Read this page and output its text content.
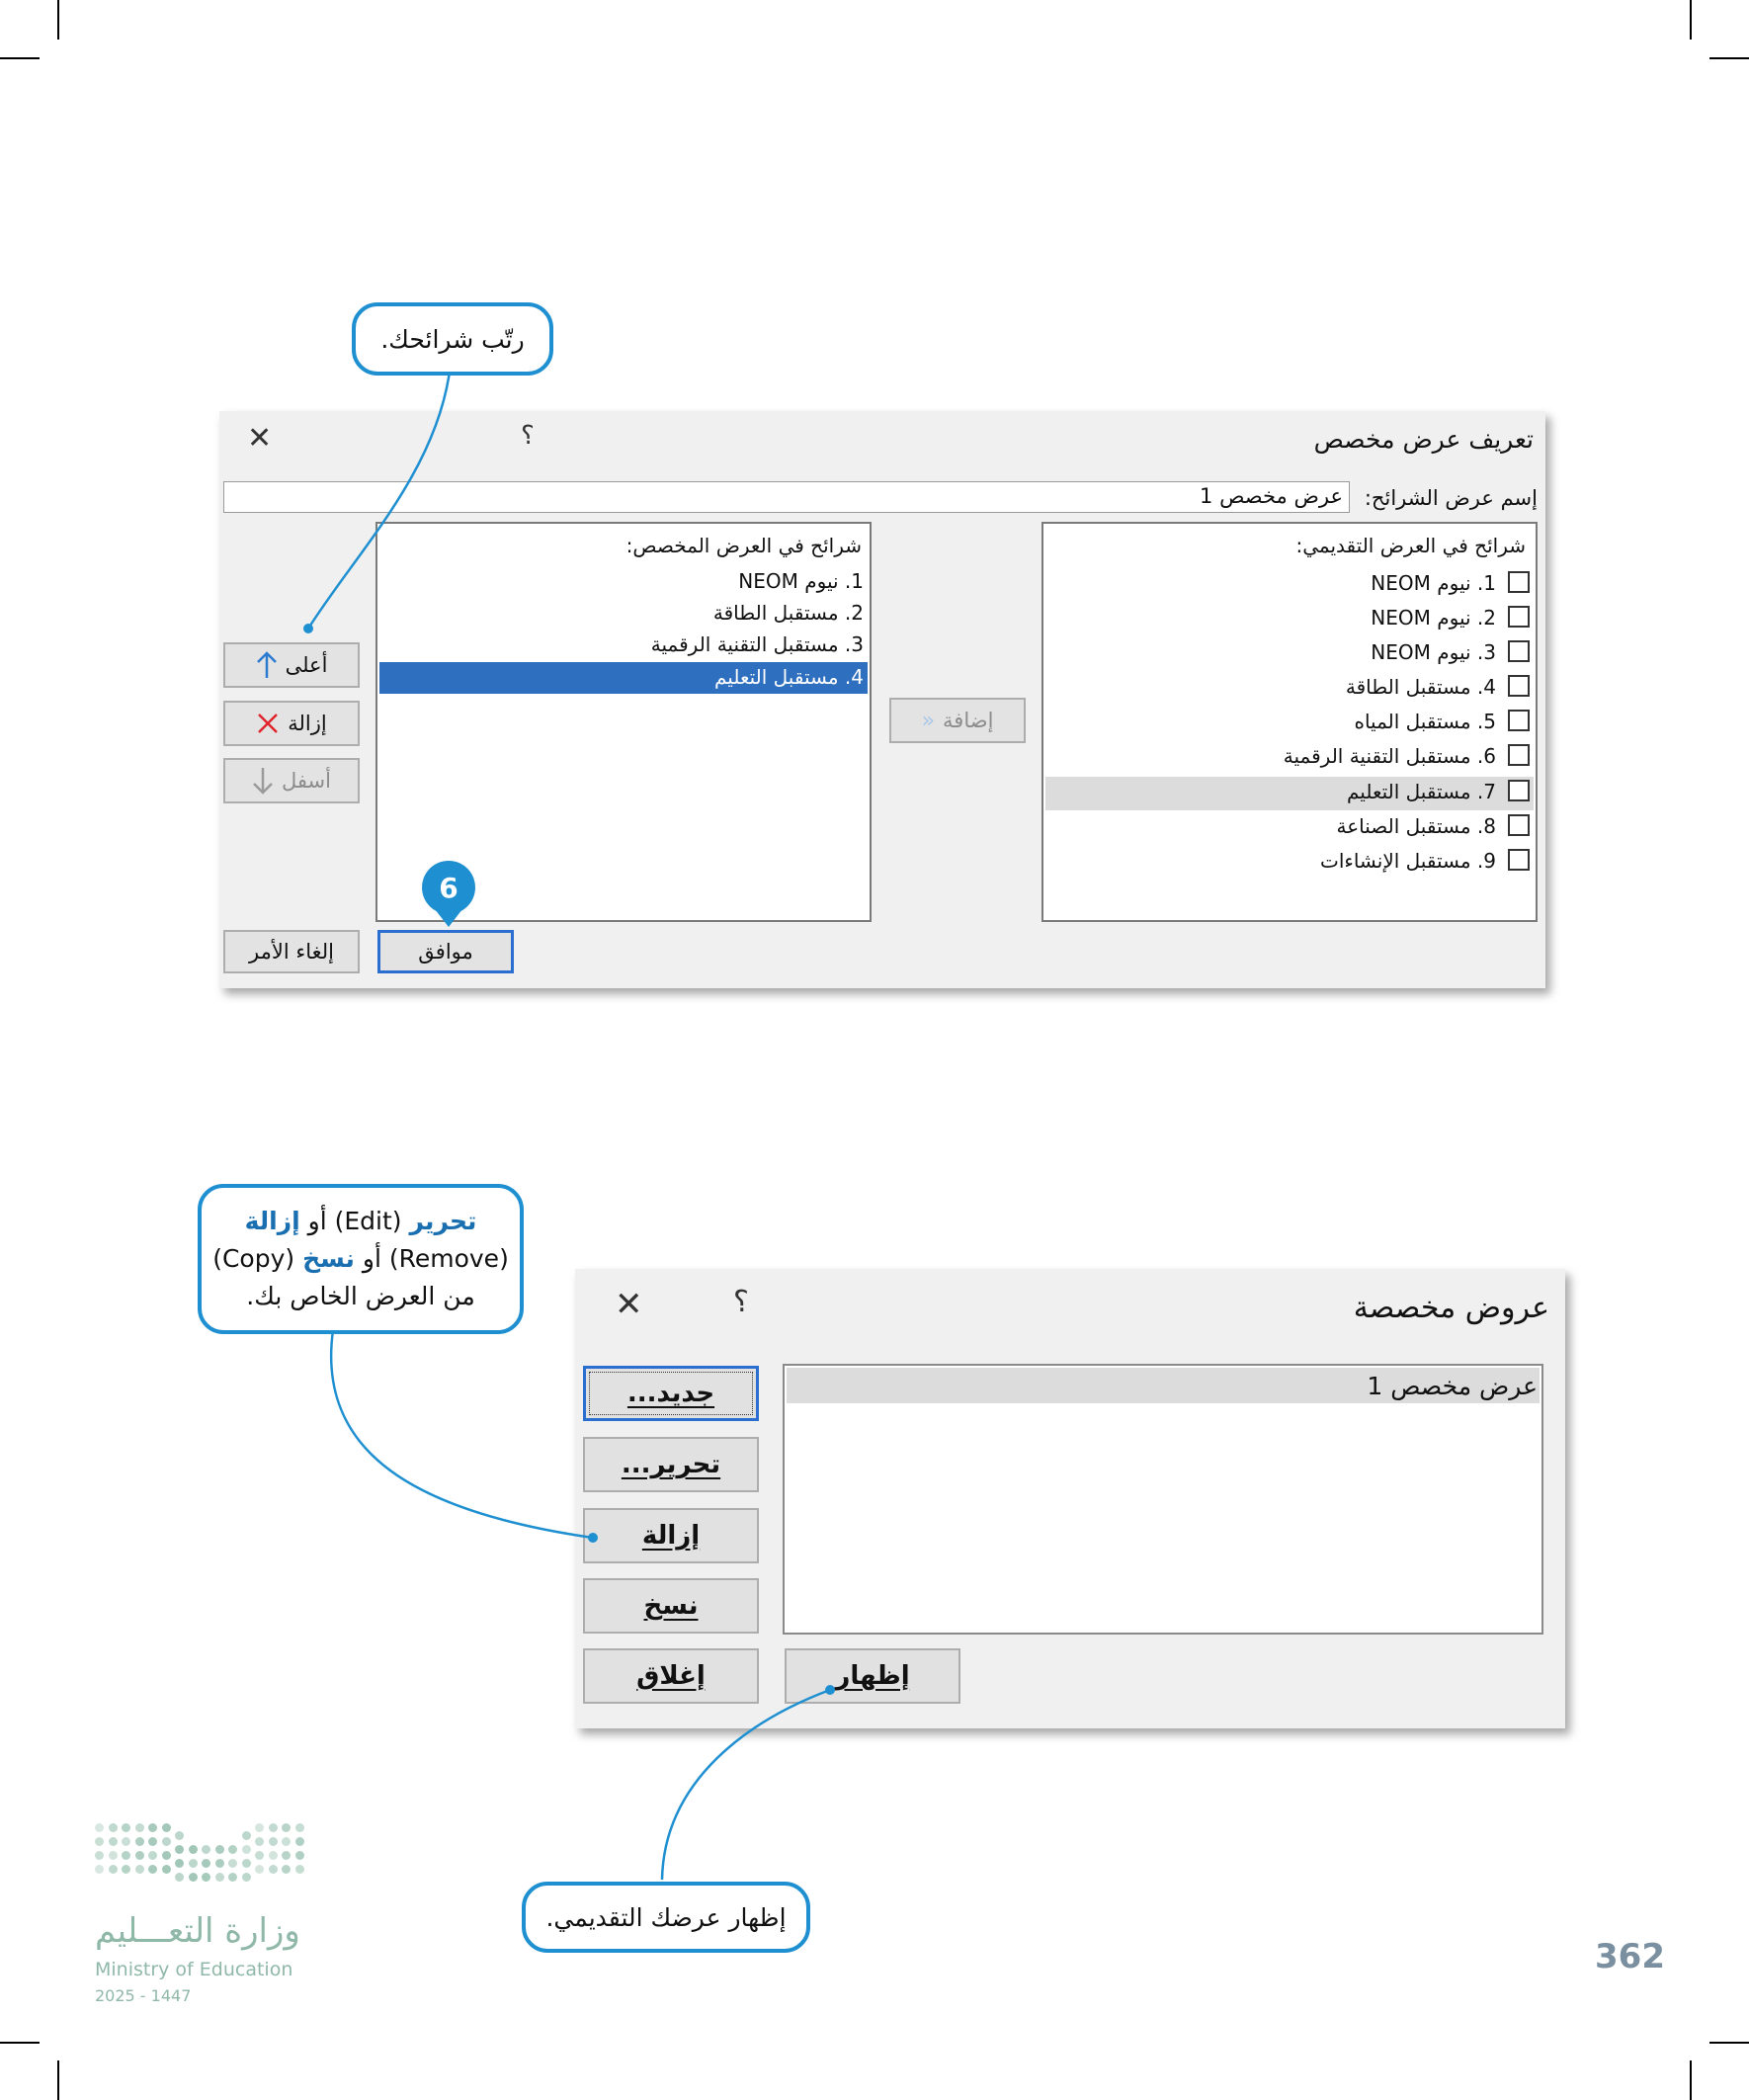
تعريف عرض مخصص
؟
✕
إسم عرض الشرائح:
عرض مخصص 1
شرائح في العرض التقديمي:
1. نيوم NEOM
2. نيوم NEOM
3. نيوم NEOM
4. مستقبل الطاقة
5. مستقبل المياه
6. مستقبل التقنية الرقمية
7. مستقبل التعليم
8. مستقبل الصناعة
9. مستقبل الإنشاءات
إضافة
«
شرائح في العرض المخصص:
1. نيوم NEOM
2. مستقبل الطاقة
3. مستقبل التقنية الرقمية
4. مستقبل التعليم
أعلى
إزالة
أسفل
موافق
إلغاء الأمر
6
رتّب شرائحك.
عروض مخصصة
؟
✕
عرض مخصص 1
جديد...
تحرير...
إزالة
نسخ
إغلاق	إظهار
تحرير (Edit) أو إزالة
(Remove) أو نسخ (Copy)
من العرض الخاص بك.
إظهار عرضك التقديمي.
وزارة التعـــليم
Ministry of Education
2025 - 1447
362
